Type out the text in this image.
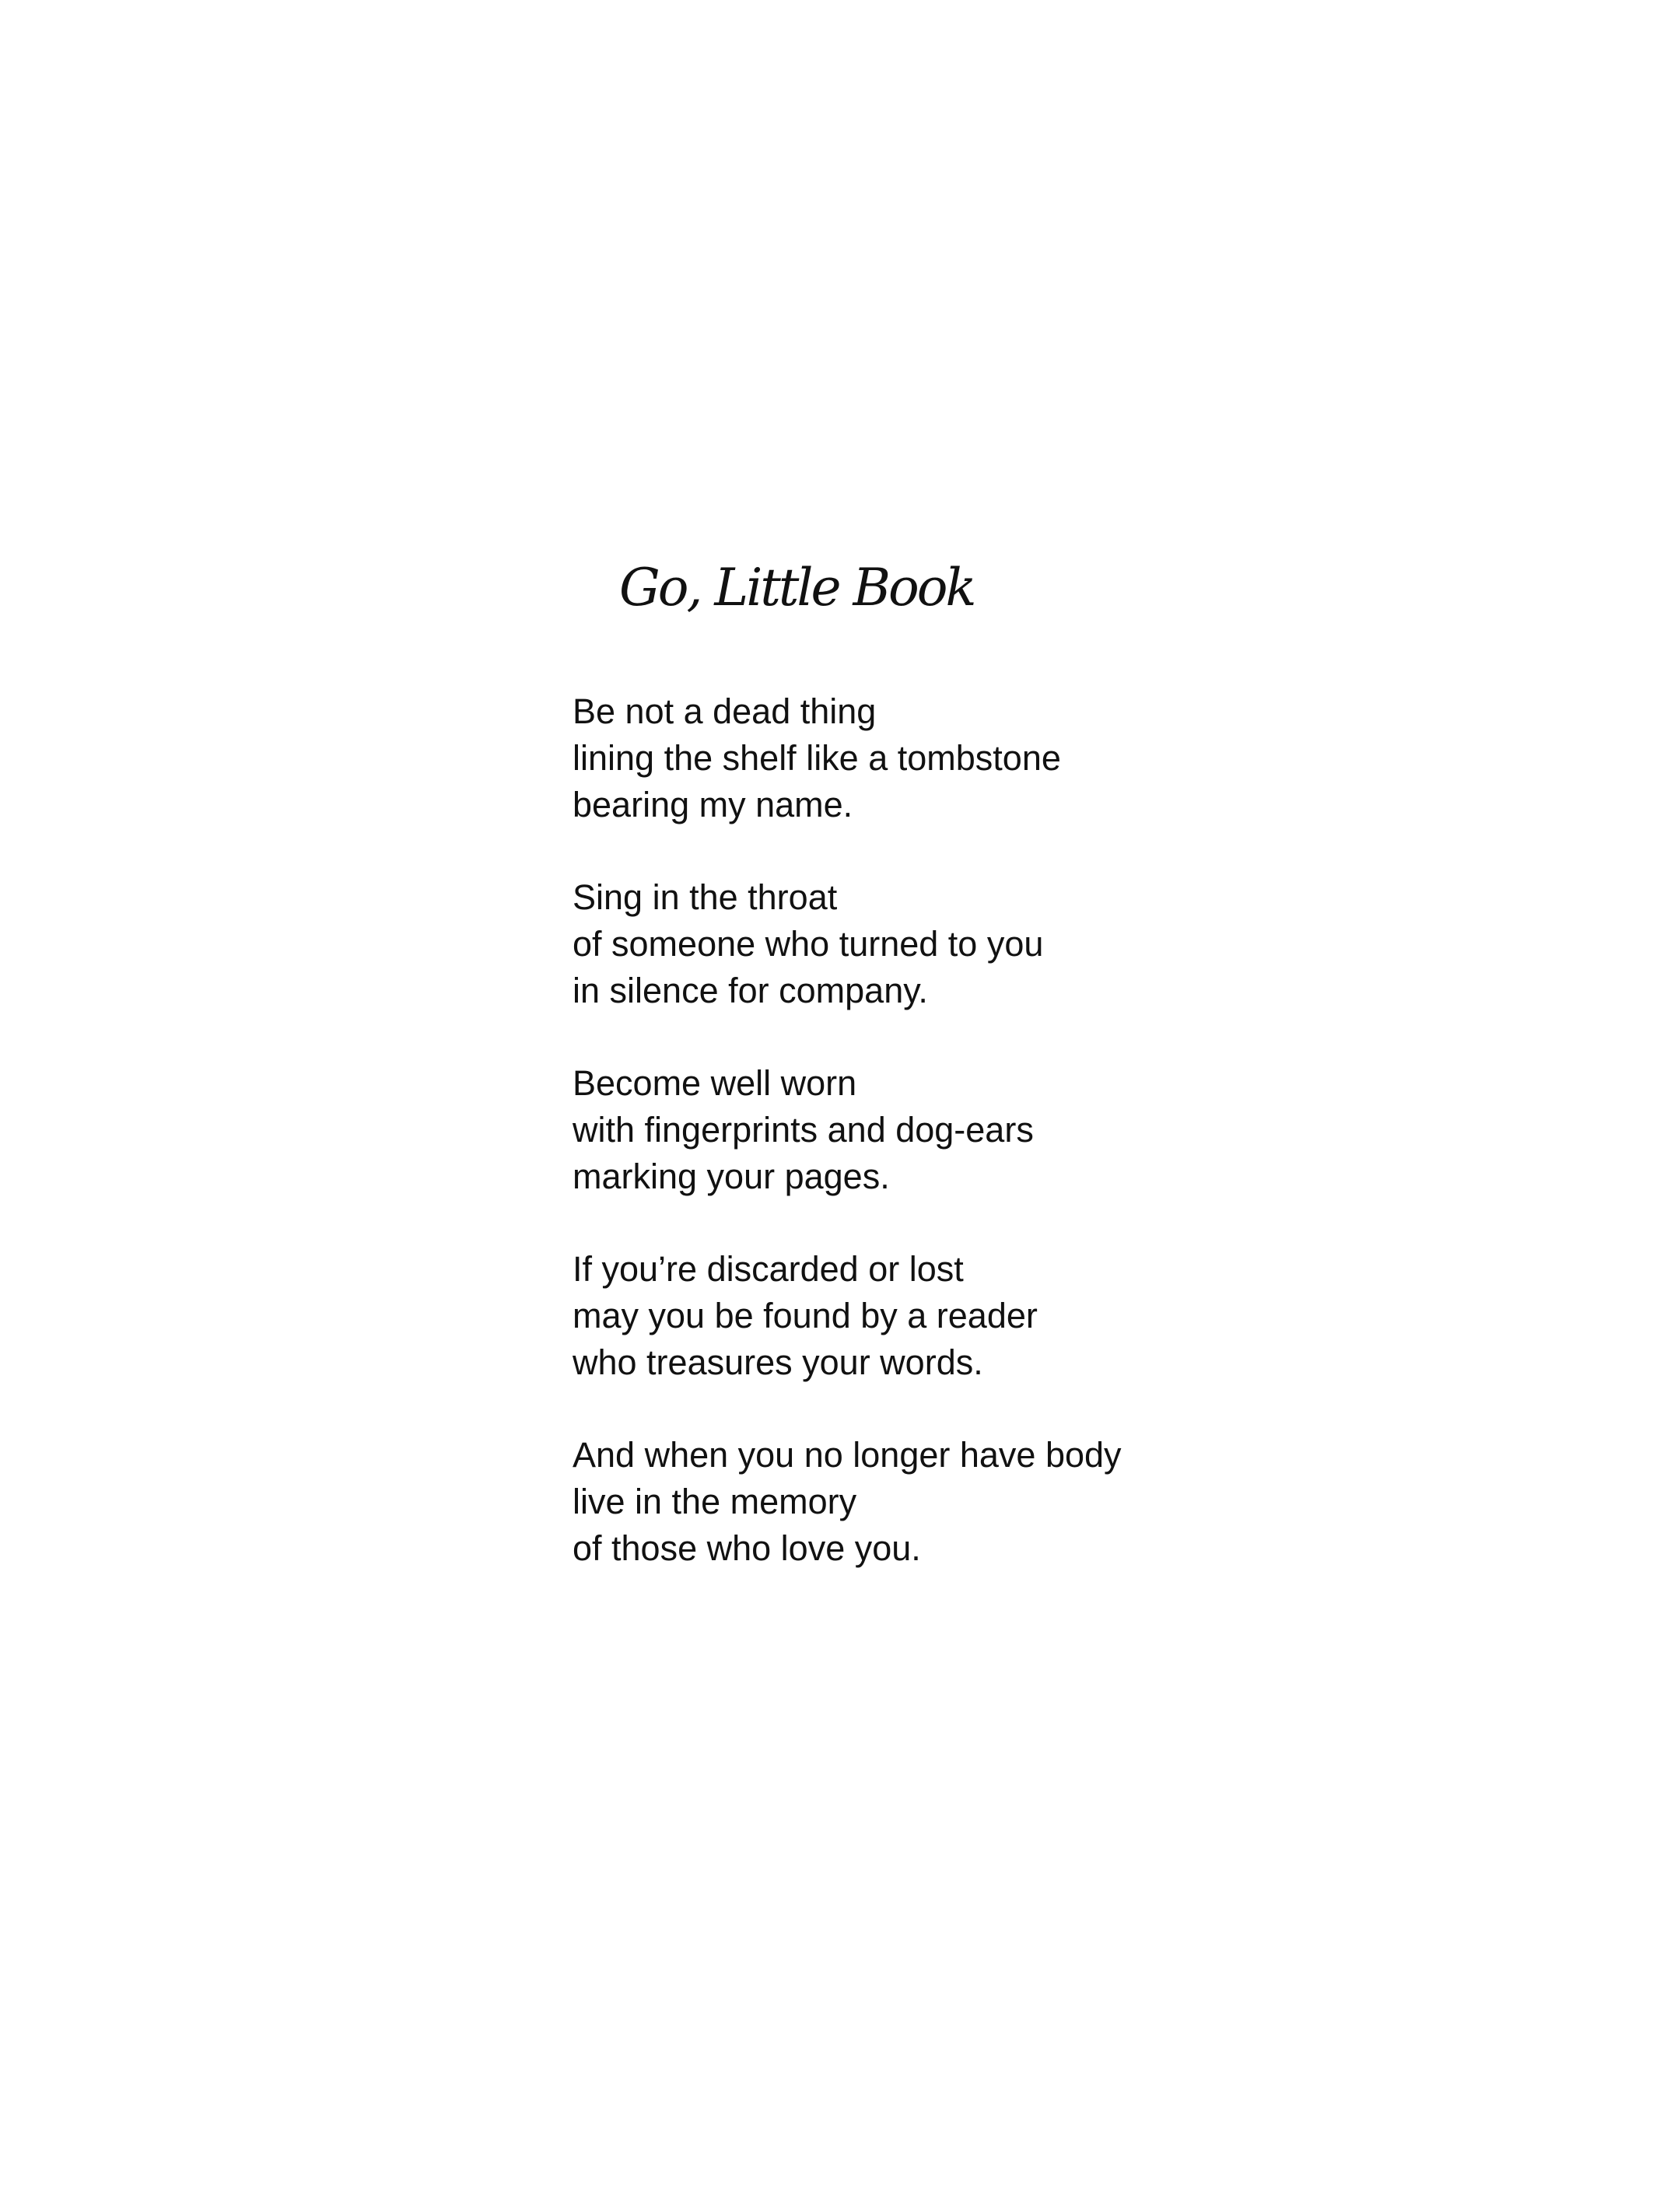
Go, Little Book
Be not a dead thing
lining the shelf like a tombstone
bearing my name.
Sing in the throat
of someone who turned to you
in silence for company.
Become well worn
with fingerprints and dog-ears
marking your pages.
If you’re discarded or lost
may you be found by a reader
who treasures your words.
And when you no longer have body
live in the memory
of those who love you.
